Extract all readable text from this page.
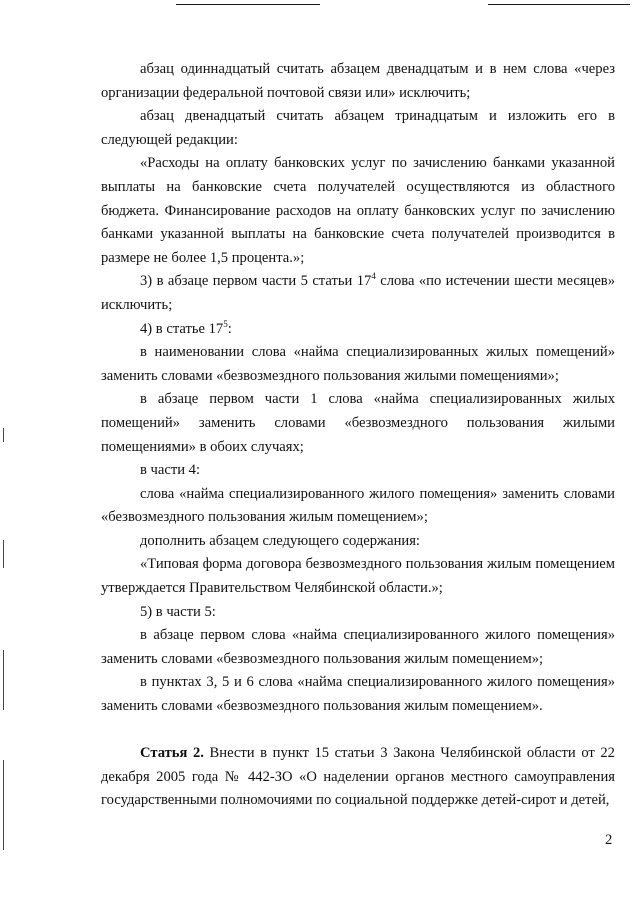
абзац одиннадцатый считать абзацем двенадцатым и в нем слова «через организации федеральной почтовой связи или» исключить;

абзац двенадцатый считать абзацем тринадцатым и изложить его в следующей редакции:

«Расходы на оплату банковских услуг по зачислению банками указанной выплаты на банковские счета получателей осуществляются из областного бюджета. Финансирование расходов на оплату банковских услуг по зачислению банками указанной выплаты на банковские счета получателей производится в размере не более 1,5 процента.»;

3) в абзаце первом части 5 статьи $17^4$ слова «по истечении шести месяцев» исключить;

4) в статье $17^5$:

в наименовании слова «найма специализированных жилых помещений» заменить словами «безвозмездного пользования жилыми помещениями»;

в абзаце первом части 1 слова «найма специализированных жилых помещений» заменить словами «безвозмездного пользования жилыми помещениями» в обоих случаях;

в части 4:

слова «найма специализированного жилого помещения» заменить словами «безвозмездного пользования жилым помещением»;

дополнить абзацем следующего содержания:

«Типовая форма договора безвозмездного пользования жилым помещением утверждается Правительством Челябинской области.»;

5) в части 5:

в абзаце первом слова «найма специализированного жилого помещения» заменить словами «безвозмездного пользования жилым помещением»;

в пунктах 3, 5 и 6 слова «найма специализированного жилого помещения» заменить словами «безвозмездного пользования жилым помещением».

Статья 2. Внести в пункт 15 статьи 3 Закона Челябинской области от 22 декабря 2005 года № 442-ЗО «О наделении органов местного самоуправления государственными полномочиями по социальной поддержке детей-сирот и детей,

2
